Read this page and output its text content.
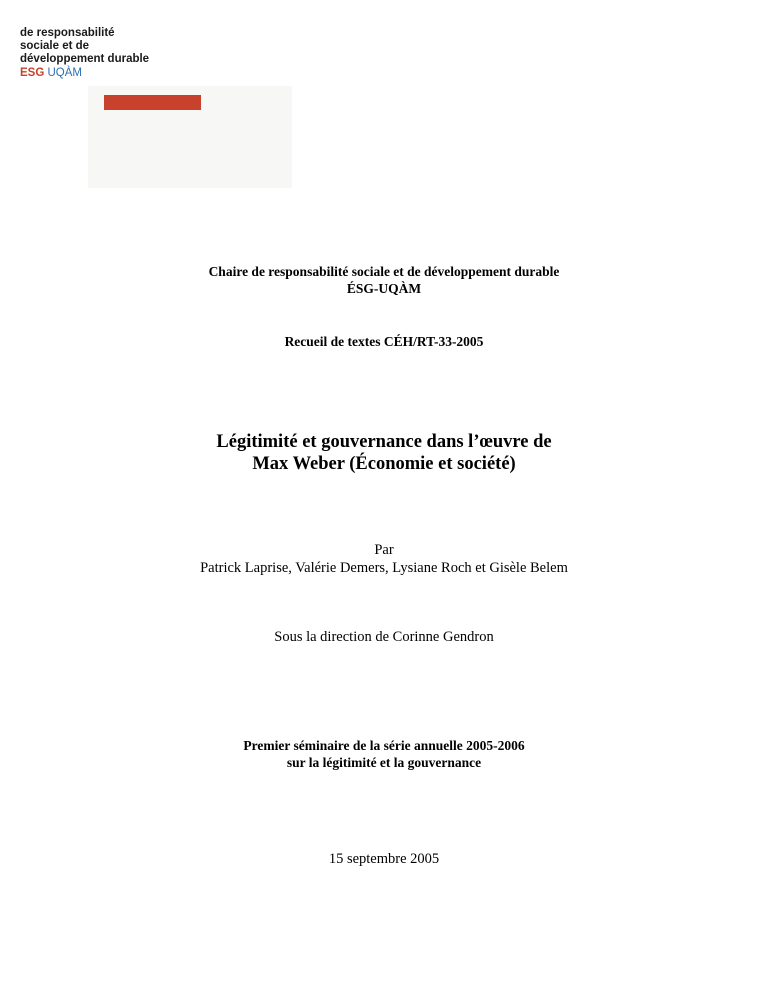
CHAIRE
de responsabilité
sociale et de
développement durable
ESG UQÀM
Chaire de responsabilité sociale et de développement durable
ÉSG-UQÀM
Recueil de textes CÉH/RT-33-2005
Légitimité et gouvernance dans l’œuvre de
Max Weber (Économie et société)
Par
Patrick Laprise, Valérie Demers, Lysiane Roch et Gisèle Belem
Sous la direction de Corinne Gendron
Premier séminaire de la série annuelle 2005-2006
sur la légitimité et la gouvernance
15 septembre 2005
